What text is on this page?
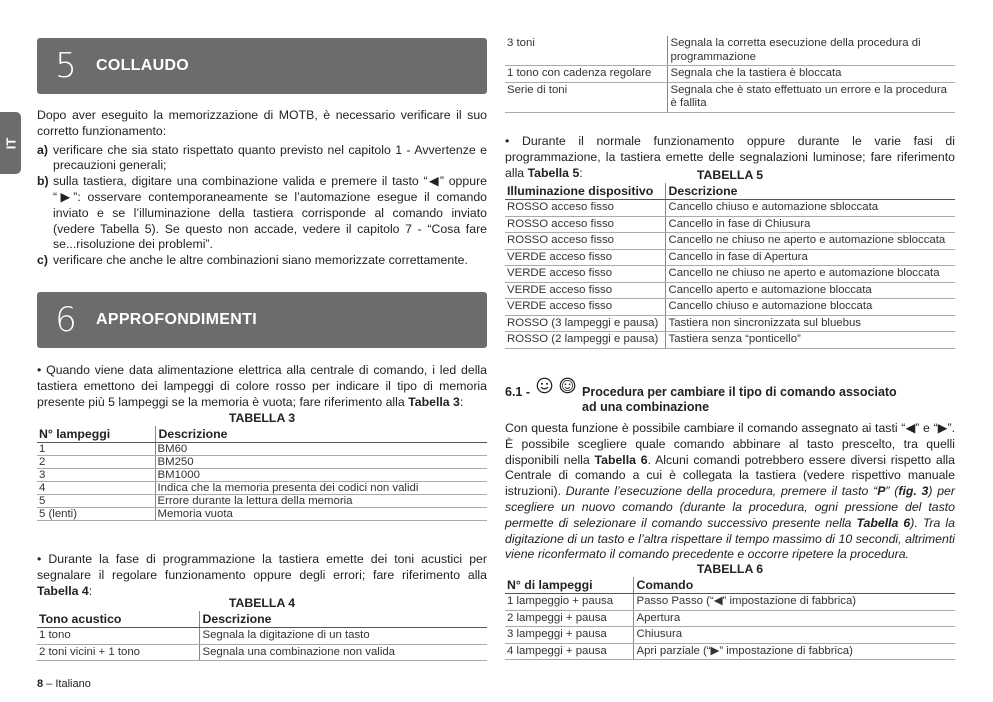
IT
5	COLLAUDO

Dopo aver eseguito la memorizzazione di MOTB, è necessario verificare il suo corretto funzionamento:

a) verificare che sia stato rispettato quanto previsto nel capitolo 1 - Avvertenze e precauzioni generali;
b) sulla tastiera, digitare una combinazione valida e premere il tasto “◀” oppure “▶”: osservare contemporaneamente se l’automazione esegue il comando inviato e se l’illuminazione della tastiera corrisponde al comando inviato (vedere Tabella 5). Se questo non accade, vedere il capitolo 7 - “Cosa fare se...risoluzione dei problemi”.
c) verificare che anche le altre combinazioni siano memorizzate correttamente.
6	APPROFONDIMENTI

• Quando viene data alimentazione elettrica alla centrale di comando, i led della tastiera emettono dei lampeggi di colore rosso per indicare il tipo di memoria presente più 5 lampeggi se la memoria è vuota; fare riferimento alla Tabella 3:

TABELLA 3
N° lampeggi	Descrizione
1	BM60
2	BM250
3	BM1000
4	Indica che la memoria presenta dei codici non validi
5	Errore durante la lettura della memoria
5 (lenti)	Memoria vuota

• Durante la fase di programmazione la tastiera emette dei toni acustici per segnalare il regolare funzionamento oppure degli errori; fare riferimento alla Tabella 4:

TABELLA 4
Tono acustico	Descrizione
1 tono	Segnala la digitazione di un tasto
2 toni vicini + 1 tono	Segnala una combinazione non valida
3 toni	Segnala la corretta esecuzione della procedura di programmazione
1 tono con cadenza regolare	Segnala che la tastiera è bloccata
Serie di toni	Segnala che è stato effettuato un errore e la procedura è fallita

• Durante il normale funzionamento oppure durante le varie fasi di programmazione, la tastiera emette delle segnalazioni luminose; fare riferimento alla Tabella 5:	TABELLA 5
Illuminazione dispositivo	Descrizione
ROSSO acceso fisso	Cancello chiuso e automazione sbloccata
ROSSO acceso fisso	Cancello in fase di Chiusura
ROSSO acceso fisso	Cancello ne chiuso ne aperto e automazione sbloccata
VERDE acceso fisso	Cancello in fase di Apertura
VERDE acceso fisso	Cancello ne chiuso ne aperto e automazione bloccata
VERDE acceso fisso	Cancello aperto e automazione bloccata
VERDE acceso fisso	Cancello chiuso e automazione bloccata
ROSSO (3 lampeggi e pausa)	Tastiera non sincronizzata sul bluebus
ROSSO (2 lampeggi e pausa)	Tastiera senza “ponticello”
6.1 -	Procedura per cambiare il tipo di comando associato
ad una combinazione

Con questa funzione è possibile cambiare il comando assegnato ai tasti “◀” e “▶”. È possibile scegliere quale comando abbinare al tasto prescelto, tra quelli disponibili nella Tabella 6. Alcuni comandi potrebbero essere diversi rispetto alla Centrale di comando a cui è collegata la tastiera (vedere rispettivo manuale istruzioni). Durante l’esecuzione della procedura, premere il tasto “P” (fig. 3) per scegliere un nuovo comando (durante la procedura, ogni pressione del tasto permette di selezionare il comando successivo presente nella Tabella 6). Tra la digitazione di un tasto e l’altra rispettare il tempo massimo di 10 secondi, altrimenti viene riconfermato il comando precedente e occorre ripetere la procedura.

TABELLA 6
N° di lampeggi	Comando
1 lampeggio + pausa	Passo Passo (“◀” impostazione di fabbrica)
2 lampeggi + pausa	Apertura
3 lampeggi + pausa	Chiusura
4 lampeggi + pausa	Apri parziale (“▶” impostazione di fabbrica)
8 – Italiano
